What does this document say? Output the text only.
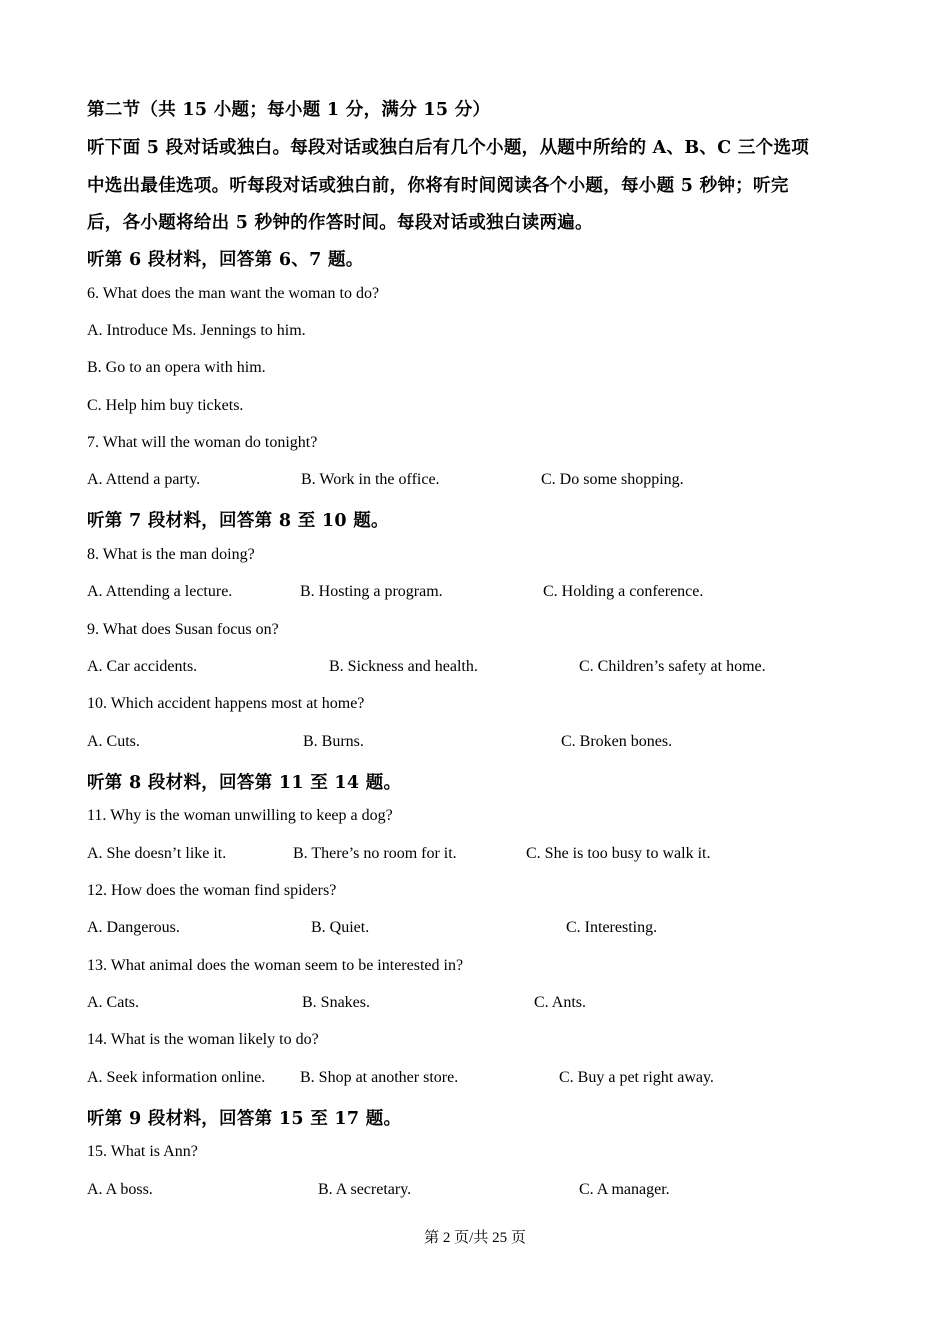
第二节（共 15 小题；每小题 1 分，满分 15 分）
听下面 5 段对话或独白。每段对话或独白后有几个小题，从题中所给的 A、B、C 三个选项
中选出最佳选项。听每段对话或独白前，你将有时间阅读各个小题，每小题 5 秒钟；听完
后，各小题将给出 5 秒钟的作答时间。每段对话或独白读两遍。
听第 6 段材料，回答第 6、7 题。
6. What does the man want the woman to do?
A. Introduce Ms. Jennings to him.
B. Go to an opera with him.
C. Help him buy tickets.
7. What will the woman do tonight?
A. Attend a party.	B. Work in the office.	C. Do some shopping.
听第 7 段材料，回答第 8 至 10 题。
8. What is the man doing?
A. Attending a lecture.	B. Hosting a program.	C. Holding a conference.
9. What does Susan focus on?
A. Car accidents.	B. Sickness and health.	C. Children’s safety at home.
10. Which accident happens most at home?
A. Cuts.	B. Burns.	C. Broken bones.
听第 8 段材料，回答第 11 至 14 题。
11. Why is the woman unwilling to keep a dog?
A. She doesn’t like it.	B. There’s no room for it.	C. She is too busy to walk it.
12. How does the woman find spiders?
A. Dangerous.	B. Quiet.	C. Interesting.
13. What animal does the woman seem to be interested in?
A. Cats.	B. Snakes.	C. Ants.
14. What is the woman likely to do?
A. Seek information online. B. Shop at another store.	C. Buy a pet right away.
听第 9 段材料，回答第 15 至 17 题。
15. What is Ann?
A. A boss.	B. A secretary.	C. A manager.
第 2 页/共 25 页
